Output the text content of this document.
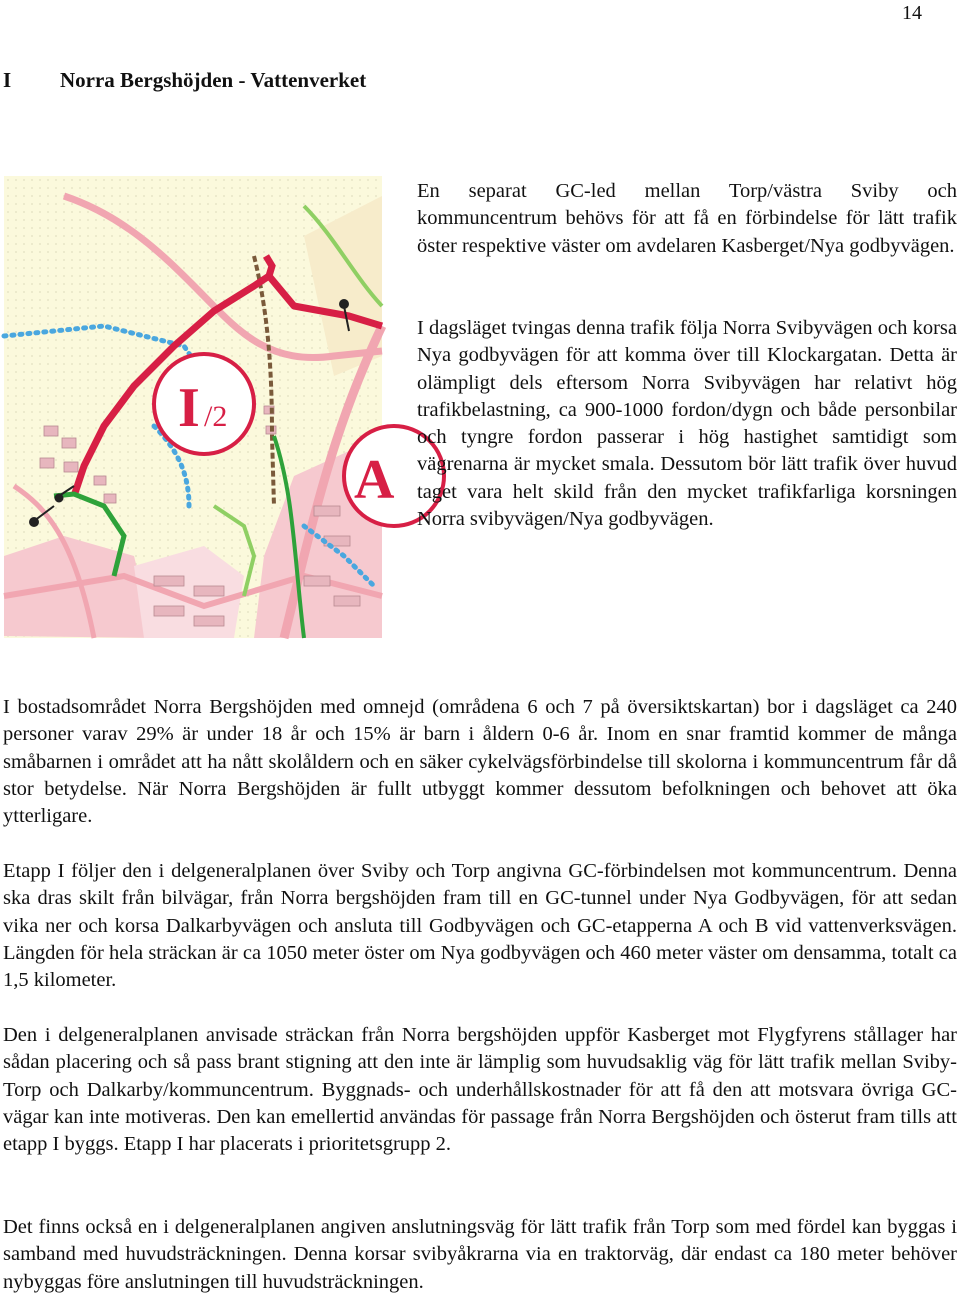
14
I Norra Bergshöjden - Vattenverket
I /2
A

En separat GC-led mellan Torp/västra Sviby och kommuncentrum behövs för att få en förbindelse för lätt trafik öster respektive väster om avdelaren Kasberget/Nya godbyvägen.

I dagsläget tvingas denna trafik följa Norra Svibyvägen och korsa Nya godbyvägen för att komma över till Klockargatan. Detta är olämpligt dels eftersom Norra Svibyvägen har relativt hög trafikbelastning, ca 900-1000 fordon/dygn och både personbilar och tyngre fordon passerar i hög hastighet samtidigt som vägrenarna är mycket smala. Dessutom bör lätt trafik över huvud taget vara helt skild från den mycket trafikfarliga korsningen Norra svibyvägen/Nya godbyvägen.

I bostadsområdet Norra Bergshöjden med omnejd (områdena 6 och 7 på översiktskartan) bor i dagsläget ca 240 personer varav 29% är under 18 år och 15% är barn i åldern 0-6 år. Inom en snar framtid kommer de många småbarnen i området att ha nått skolåldern och en säker cykelvägsförbindelse till skolorna i kommuncentrum får då stor betydelse. När Norra Bergshöjden är fullt utbyggt kommer dessutom befolkningen och behovet att öka ytterligare.

Etapp I följer den i delgeneralplanen över Sviby och Torp angivna GC-förbindelsen mot kommuncentrum. Denna ska dras skilt från bilvägar, från Norra bergshöjden fram till en GC-tunnel under Nya Godbyvägen, för att sedan vika ner och korsa Dalkarbyvägen och ansluta till Godbyvägen och GC-etapperna A och B vid vattenverksvägen. Längden för hela sträckan är ca 1050 meter öster om Nya godbyvägen och 460 meter väster om densamma, totalt ca 1,5 kilometer.

Den i delgeneralplanen anvisade sträckan från Norra bergshöjden uppför Kasberget mot Flygfyrens stållager har sådan placering och så pass brant stigning att den inte är lämplig som huvudsaklig väg för lätt trafik mellan Sviby-Torp och Dalkarby/kommuncentrum. Byggnads- och underhållskostnader för att få den att motsvara övriga GC-vägar kan inte motiveras. Den kan emellertid användas för passage från Norra Bergshöjden och österut fram tills att etapp I byggs. Etapp I har placerats i prioritetsgrupp 2.

Det finns också en i delgeneralplanen angiven anslutningsväg för lätt trafik från Torp som med fördel kan byggas i samband med huvudsträckningen. Denna korsar svibyåkrarna via en traktorväg, där endast ca 180 meter behöver nybyggas före anslutningen till huvudsträckningen.
